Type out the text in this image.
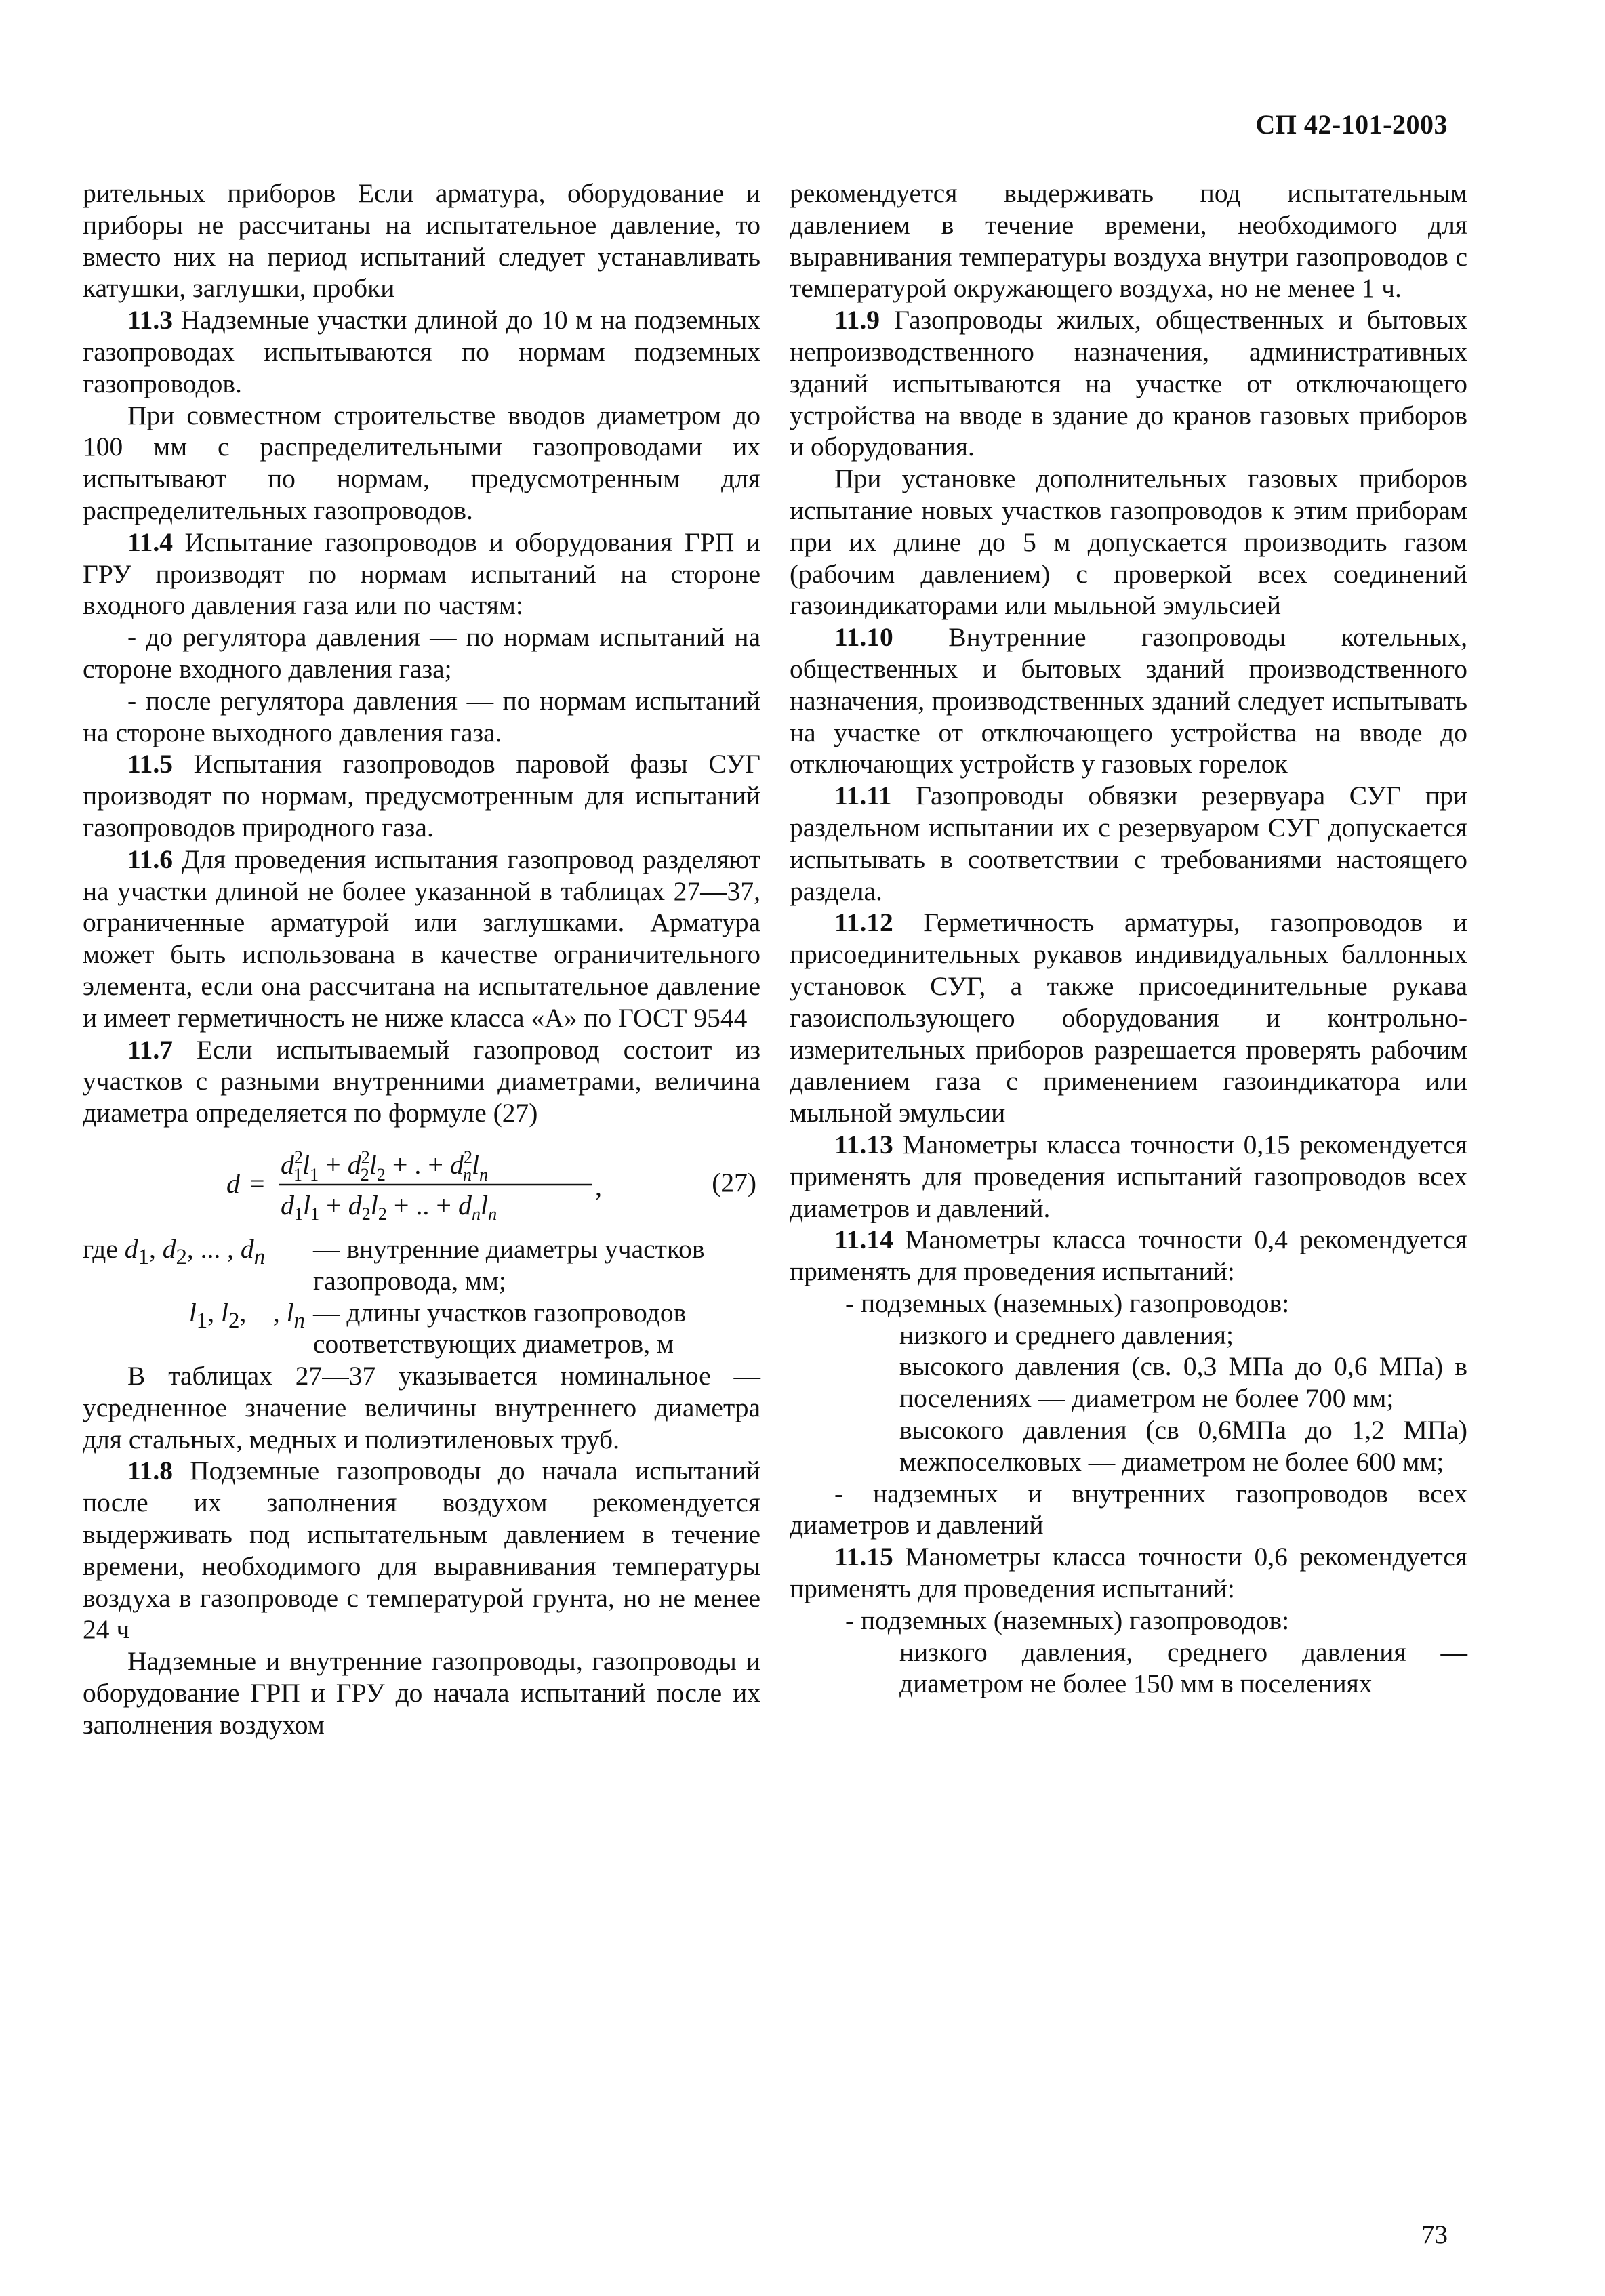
СП 42-101-2003

рительных приборов Если арматура, оборудование и приборы не рассчитаны на испытательное давление, то вместо них на период испытаний следует устанавливать катушки, заглушки, пробки

11.3 Надземные участки длиной до 10 м на подземных газопроводах испытываются по нормам подземных газопроводов.

При совместном строительстве вводов диаметром до 100 мм с распределительными газопроводами их испытывают по нормам, предусмотренным для распределительных газопроводов.

11.4 Испытание газопроводов и оборудования ГРП и ГРУ производят по нормам испытаний на стороне входного давления газа или по частям:

- до регулятора давления — по нормам испытаний на стороне входного давления газа;

- после регулятора давления — по нормам испытаний на стороне выходного давления газа.

11.5 Испытания газопроводов паровой фазы СУГ производят по нормам, предусмотренным для испытаний газопроводов природного газа.

11.6 Для проведения испытания газопровод разделяют на участки длиной не более указанной в таблицах 27—37, ограниченные арматурой или заглушками. Арматура может быть использована в качестве ограничительного элемента, если она рассчитана на испытательное давление и имеет герметичность не ниже класса «А» по ГОСТ 9544

11.7 Если испытываемый газопровод состоит из участков с разными внутренними диаметрами, величина диаметра определяется по формуле (27)

d =
$d^2$ $1l_1 + d^2$ $2l_2$ + . + $d^2$ $nl_n$
$d_1l_1 + d_2l_2$ + .. + $d_nl_n$
,	(27)
где $d_1$, $d_2$, ... , $d_n$	— внутренние диаметры участков газопровода, мм;
$l_1$, $l_2$,    , $l_n$ — длины участков газопроводов соответствующих диаметров, м

В таблицах 27—37 указывается номинальное — усредненное значение величины внутреннего диаметра для стальных, медных и полиэтиленовых труб.

11.8 Подземные газопроводы до начала испытаний после их заполнения воздухом рекомендуется выдерживать под испытательным давлением в течение времени, необходимого для выравнивания температуры воздуха в газопроводе с температурой грунта, но не менее 24 ч

Надземные и внутренние газопроводы, газопроводы и оборудование ГРП и ГРУ до начала испытаний после их заполнения воздухом

рекомендуется выдерживать под испытательным давлением в течение времени, необходимого для выравнивания температуры воздуха внутри газопроводов с температурой окружающего воздуха, но не менее 1 ч.

11.9 Газопроводы жилых, общественных и бытовых непроизводственного назначения, административных зданий испытываются на участке от отключающего устройства на вводе в здание до кранов газовых приборов и оборудования.

При установке дополнительных газовых приборов испытание новых участков газопроводов к этим приборам при их длине до 5 м допускается производить газом (рабочим давлением) с проверкой всех соединений газоиндикаторами или мыльной эмульсией

11.10 Внутренние газопроводы котельных, общественных и бытовых зданий производственного назначения, производственных зданий следует испытывать на участке от отключающего устройства на вводе до отключающих устройств у газовых горелок

11.11 Газопроводы обвязки резервуара СУГ при раздельном испытании их с резервуаром СУГ допускается испытывать в соответствии с требованиями настоящего раздела.

11.12 Герметичность арматуры, газопроводов и присоединительных рукавов индивидуальных баллонных установок СУГ, а также присоединительные рукава газоиспользующего оборудования и контрольно-измерительных приборов разрешается проверять рабочим давлением газа с применением газоиндикатора или мыльной эмульсии

11.13 Манометры класса точности 0,15 рекомендуется применять для проведения испытаний газопроводов всех диаметров и давлений.

11.14 Манометры класса точности 0,4 рекомендуется применять для проведения испытаний:

- подземных (наземных) газопроводов:

низкого и среднего давления;

высокого давления (св. 0,3 МПа до 0,6 МПа) в поселениях — диаметром не более 700 мм;

высокого давления (св 0,6МПа до 1,2 МПа) межпоселковых — диаметром не более 600 мм;

- надземных и внутренних газопроводов всех диаметров и давлений

11.15 Манометры класса точности 0,6 рекомендуется применять для проведения испытаний:

- подземных (наземных) газопроводов:

низкого давления, среднего давления — диаметром не более 150 мм в поселениях

73
